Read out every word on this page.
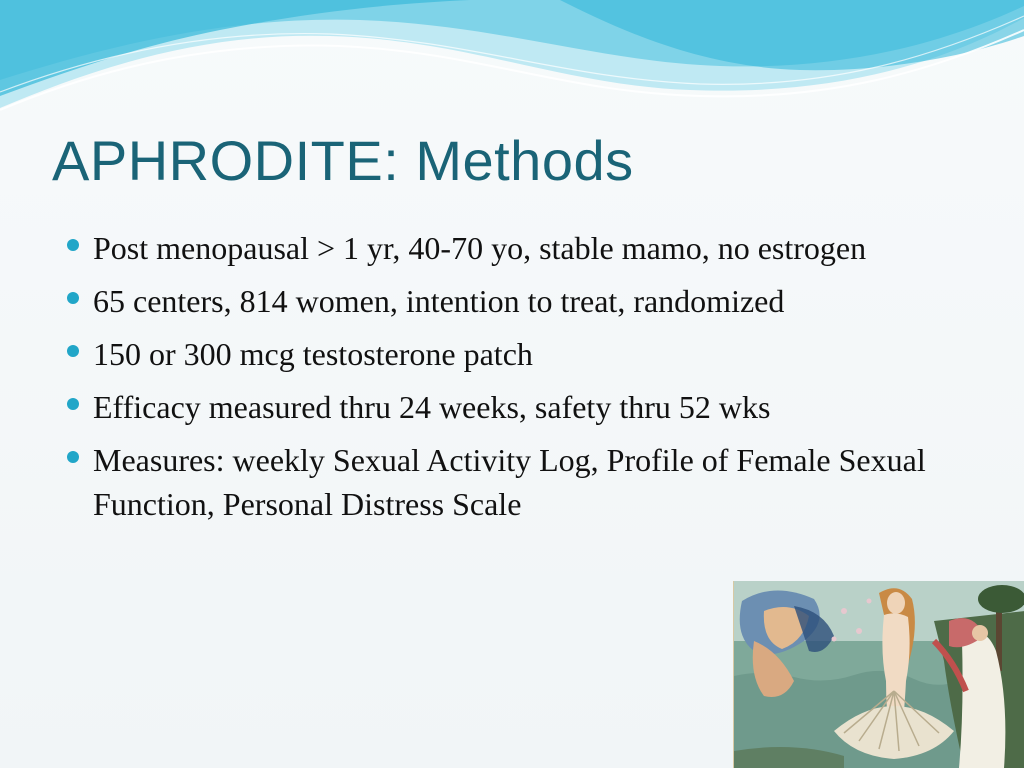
APHRODITE: Methods
Post menopausal > 1 yr, 40-70 yo, stable mamo, no estrogen
65 centers, 814 women, intention to treat, randomized
150 or 300 mcg testosterone patch
Efficacy measured thru 24 weeks, safety thru 52 wks
Measures: weekly Sexual Activity Log, Profile of Female Sexual Function, Personal Distress Scale
